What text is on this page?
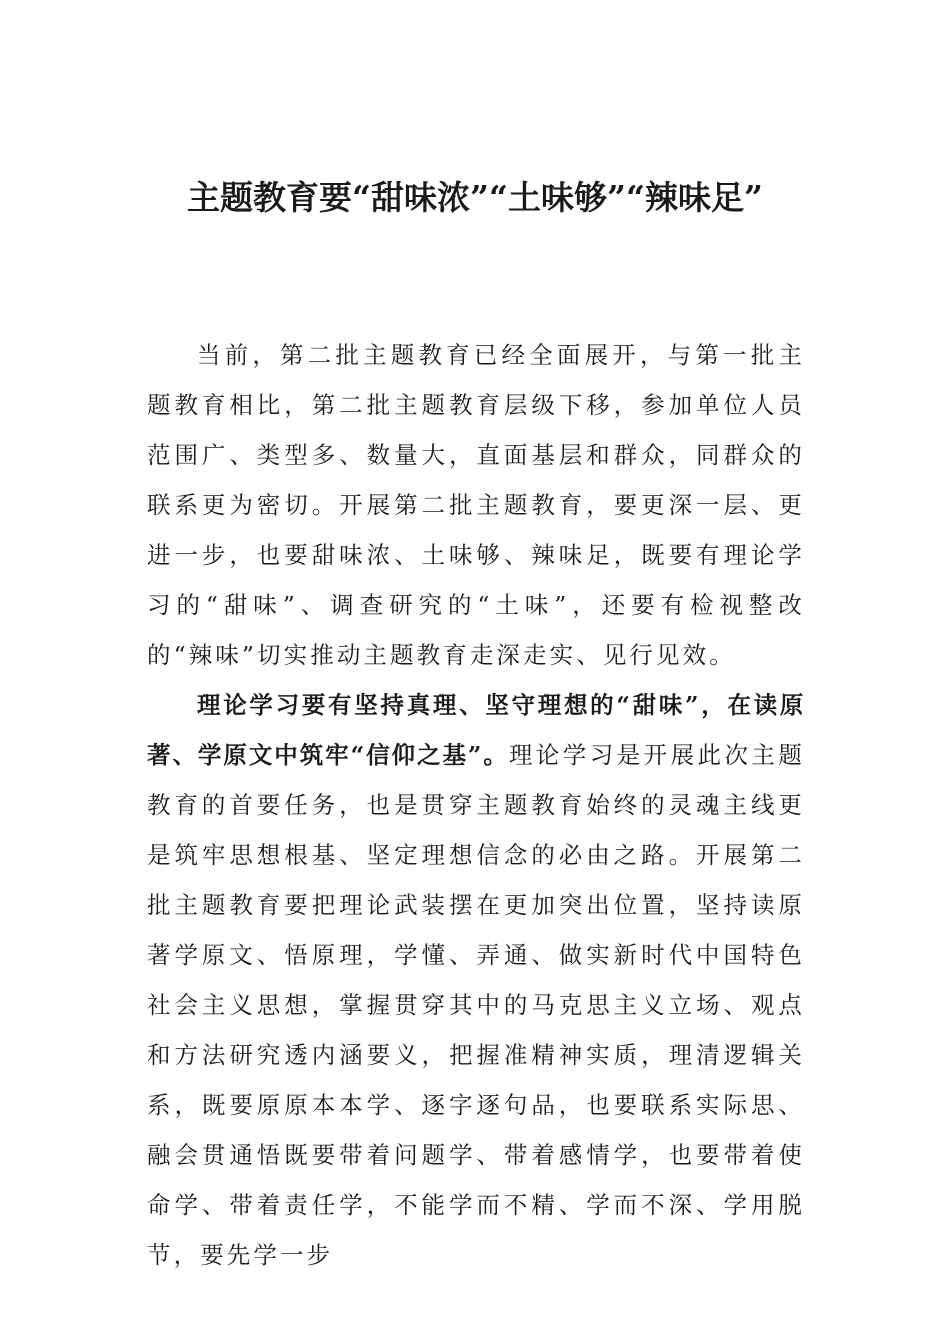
主题教育要“甜味浓”“土味够”“辣味足”

当前，第二批主题教育已经全面展开，与第一批主题教育相比，第二批主题教育层级下移，参加单位人员范围广、类型多、数量大，直面基层和群众，同群众的联系更为密切。开展第二批主题教育，要更深一层、更进一步，也要甜味浓、土味够、辣味足，既要有理论学习的“甜味”、调查研究的“土味”，还要有检视整改的“辣味”切实推动主题教育走深走实、见行见效。

理论学习要有坚持真理、坚守理想的“甜味”，在读原著、学原文中筑牢“信仰之基”。理论学习是开展此次主题教育的首要任务，也是贯穿主题教育始终的灵魂主线更是筑牢思想根基、坚定理想信念的必由之路。开展第二批主题教育要把理论武装摆在更加突出位置，坚持读原著学原文、悟原理，学懂、弄通、做实新时代中国特色社会主义思想，掌握贯穿其中的马克思主义立场、观点和方法研究透内涵要义，把握准精神实质，理清逻辑关系，既要原原本本学、逐字逐句品，也要联系实际思、融会贯通悟既要带着问题学、带着感情学，也要带着使命学、带着责任学，不能学而不精、学而不深、学用脱节，要先学一步
